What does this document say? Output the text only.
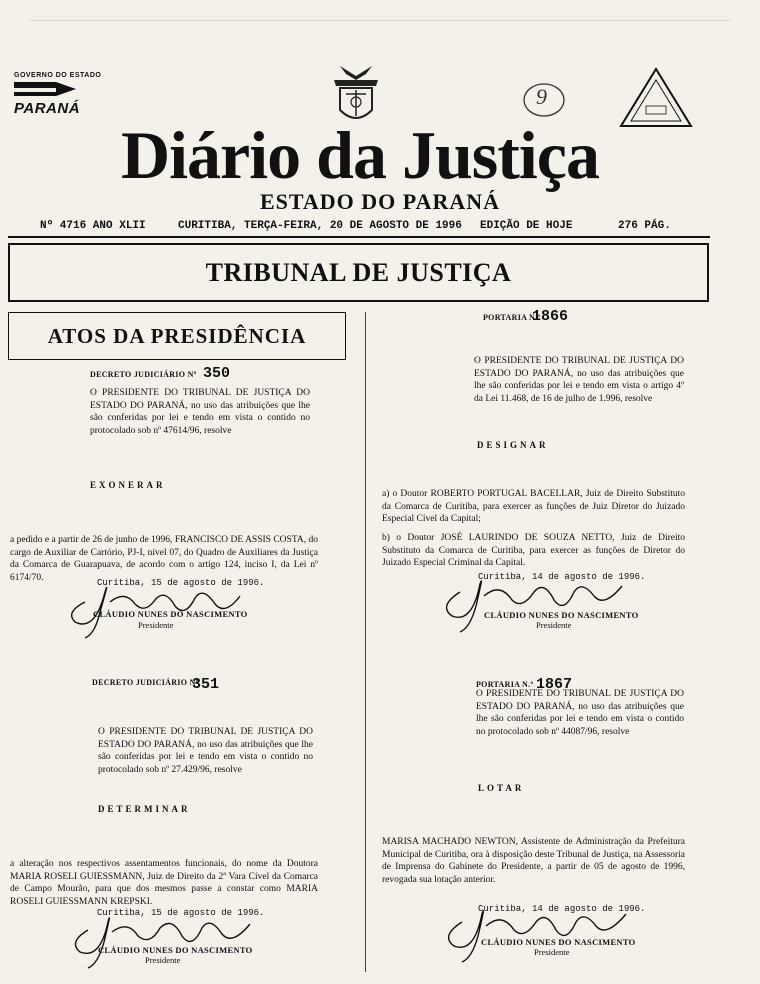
GOVERNO DO ESTADO
PARANÁ	9
Diário da Justiça
ESTADO DO PARANÁ
Nº 4716 ANO XLII	CURITIBA, TERÇA-FEIRA, 20 DE AGOSTO DE 1996 EDIÇÃO DE HOJE	276 PÁG.
TRIBUNAL DE JUSTIÇA
ATOS DA PRESIDÊNCIA
DECRETO JUDICIÁRIO Nº 350
O PRESIDENTE DO TRIBUNAL DE JUSTIÇA DO ESTADO DO PARANÁ, no uso das atribuições que lhe são conferidas por lei e tendo em vista o contido no protocolado sob nº 47614/96, resolve
EXONERAR
a pedido e a partir de 26 de junho de 1996, FRANCISCO DE ASSIS COSTA, do cargo de Auxiliar de Cartório, PJ-I, nível 07, do Quadro de Auxiliares da Justiça da Comarca de Guarapuava, de acordo com o artigo 124, inciso I, da Lei nº 6174/70.
Curitiba, 15 de agosto de 1996.
CLÁUDIO NUNES DO NASCIMENTO
Presidente
DECRETO JUDICIÁRIO Nº
351
O PRESIDENTE DO TRIBUNAL DE JUSTIÇA DO ESTADO DO PARANÁ, no uso das atribuições que lhe são conferidas por lei e tendo em vista o contido no protocolado sob nº 27.429/96, resolve
DETERMINAR
a alteração nos respectivos assentamentos funcionais, do nome da Doutora MARIA ROSELI GUIESSMANN, Juiz de Direito da 2ª Vara Cível da Comarca de Campo Mourão, para que dos mesmos passe a constar como MARIA ROSELI GUIESSMANN KREPSKI.
Curitiba, 15 de agosto de 1996.
CLÁUDIO NUNES DO NASCIMENTO
Presidente
PORTARIA N.º
1866
O PRESIDENTE DO TRIBUNAL DE JUSTIÇA DO ESTADO DO PARANÁ, no uso das atribuições que lhe são conferidas por lei e tendo em vista o artigo 4º da Lei 11.468, de 16 de julho de 1.996, resolve
DESIGNAR
a) o Doutor ROBERTO PORTUGAL BACELLAR, Juiz de Direito Substituto da Comarca de Curitiba, para exercer as funções de Juiz Diretor do Juizado Especial Cível da Capital;
b) o Doutor JOSÉ LAURINDO DE SOUZA NETTO, Juiz de Direito Substituto da Comarca de Curitiba, para exercer as funções de Diretor do Juizado Especial Criminal da Capital.
Curitiba, 14 de agosto de 1996.
CLÁUDIO NUNES DO NASCIMENTO
Presidente
PORTARIA N.º 1867
O PRESIDENTE DO TRIBUNAL DE JUSTIÇA DO ESTADO DO PARANÁ, no uso das atribuições que lhe são conferidas por lei e tendo em vista o contido no protocolado sob nº 44087/96, resolve
LOTAR
MARISA MACHADO NEWTON, Assistente de Administração da Prefeitura Municipal de Curitiba, ora à disposição deste Tribunal de Justiça, na Assessoria de Imprensa do Gabinete do Presidente, a partir de 05 de agosto de 1996, revogada sua lotação anterior.
Curitiba, 14 de agosto de 1996.
CLÁUDIO NUNES DO NASCIMENTO
Presidente
